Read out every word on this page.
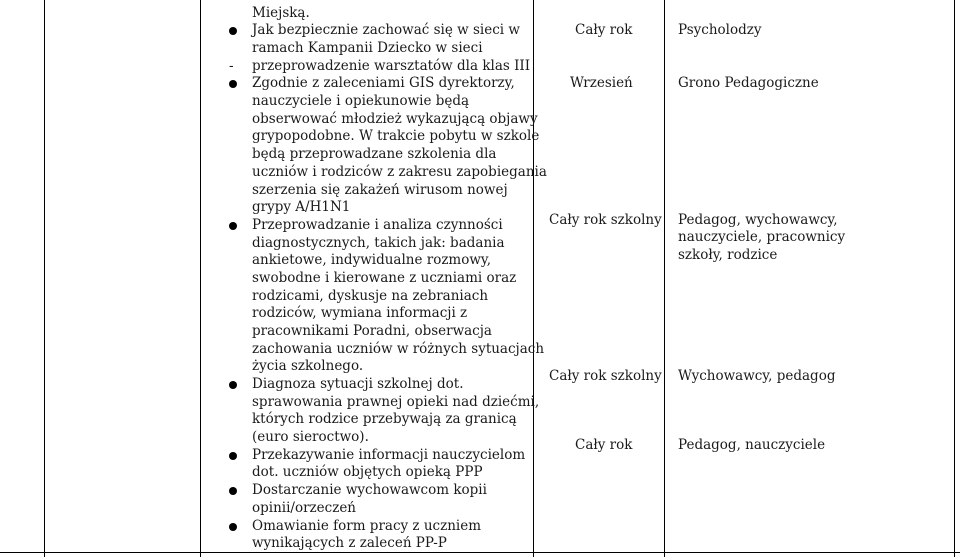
Miejską.
Jak bezpiecznie zachować się w sieci w
ramach Kampanii Dziecko w sieci
- przeprowadzenie warsztatów dla klas III
Zgodnie z zaleceniami GIS dyrektorzy,
nauczyciele i opiekunowie będą
obserwować młodzież wykazującą objawy
grypopodobne. W trakcie pobytu w szkole
będą przeprowadzane szkolenia dla
uczniów i rodziców z zakresu zapobiegania
szerzenia się zakażeń wirusom nowej
grypy A/H1N1
Przeprowadzanie i analiza czynności
diagnostycznych, takich jak: badania
ankietowe, indywidualne rozmowy,
swobodne i kierowane z uczniami oraz
rodzicami, dyskusje na zebraniach
rodziców, wymiana informacji z
pracownikami Poradni, obserwacja
zachowania uczniów w różnych sytuacjach
życia szkolnego.
Diagnoza sytuacji szkolnej dot.
sprawowania prawnej opieki nad dziećmi,
których rodzice przebywają za granicą
(euro sieroctwo).
Przekazywanie informacji nauczycielom
dot. uczniów objętych opieką PPP
Dostarczanie wychowawcom kopii
opinii/orzeczeń
Omawianie form pracy z uczniem
wynikających z zaleceń PP-P
Cały rok
Wrzesień
Cały rok szkolny
Cały rok szkolny
Cały rok
Psycholodzy
Grono Pedagogiczne
Pedagog, wychowawcy,
nauczyciele, pracownicy
szkoły, rodzice
Wychowawcy, pedagog
Pedagog, nauczyciele
